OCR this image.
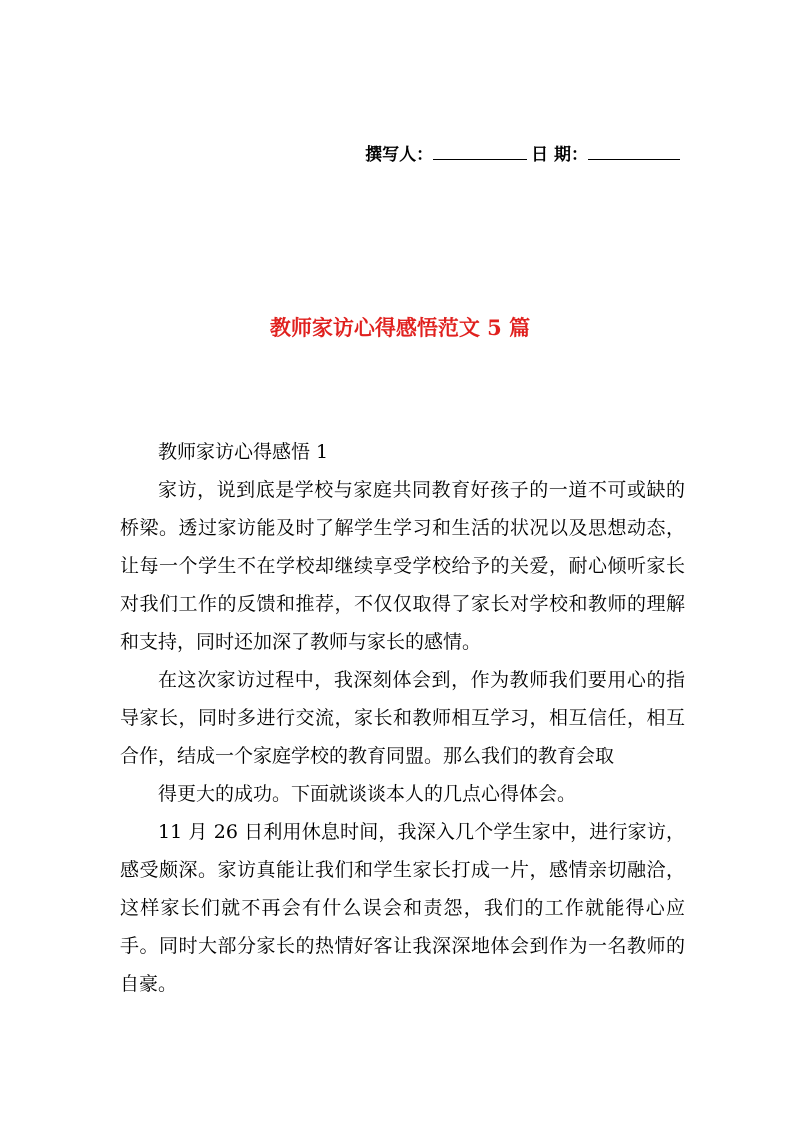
撰写人：	日 期：
教师家访心得感悟范文 5 篇

教师家访心得感悟 1

家访，说到底是学校与家庭共同教育好孩子的一道不可或缺的桥梁。透过家访能及时了解学生学习和生活的状况以及思想动态，让每一个学生不在学校却继续享受学校给予的关爱，耐心倾听家长对我们工作的反馈和推荐，不仅仅取得了家长对学校和教师的理解和支持，同时还加深了教师与家长的感情。

在这次家访过程中，我深刻体会到，作为教师我们要用心的指导家长，同时多进行交流，家长和教师相互学习，相互信任，相互合作，结成一个家庭学校的教育同盟。那么我们的教育会取

得更大的成功。下面就谈谈本人的几点心得体会。

11 月 26 日利用休息时间，我深入几个学生家中，进行家访，感受颇深。家访真能让我们和学生家长打成一片，感情亲切融洽，这样家长们就不再会有什么误会和责怨，我们的工作就能得心应手。同时大部分家长的热情好客让我深深地体会到作为一名教师的自豪。
